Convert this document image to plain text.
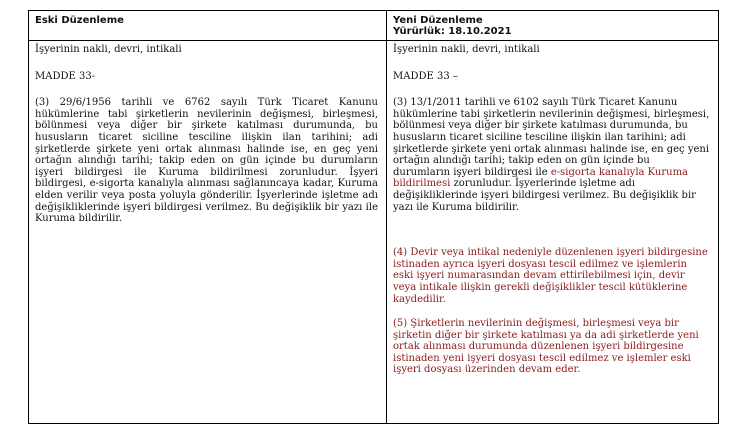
Eski Düzenleme

İşyerinin nakli, devri, intikali

MADDE 33-

(3) 29/6/1956 tarihli ve 6762 sayılı Türk Ticaret Kanunu hükümlerine tabi şirketlerin nevilerinin değişmesi, birleşmesi, bölünmesi veya diğer bir şirkete katılması durumunda, bu hususların ticaret siciline tesciline ilişkin ilan tarihini; adi şirketlerde şirkete yeni ortak alınması halinde ise, en geç yeni ortağın alındığı tarihi; takip eden on gün içinde bu durumların işyeri bildirgesi ile Kuruma bildirilmesi zorunludur. İşyeri bildirgesi, e-sigorta kanalıyla alınması sağlanıncaya kadar, Kuruma elden verilir veya posta yoluyla gönderilir. İşyerlerinde işletme adı değişikliklerinde işyeri bildirgesi verilmez. Bu değişiklik bir yazı ile Kuruma bildirilir.

Yeni Düzenleme
Yürürlük: 18.10.2021

İşyerinin nakli, devri, intikali

MADDE 33 –

(3) 13/1/2011 tarihli ve 6102 sayılı Türk Ticaret Kanunu hükümlerine tabi şirketlerin nevilerinin değişmesi, birleşmesi, bölünmesi veya diğer bir şirkete katılması durumunda, bu hususların ticaret siciline tesciline ilişkin ilan tarihini; adi şirketlerde şirkete yeni ortak alınması halinde ise, en geç yeni ortağın alındığı tarihi; takip eden on gün içinde bu durumların işyeri bildirgesi ile e-sigorta kanalıyla Kuruma bildirilmesi zorunludur. İşyerlerinde işletme adı değişikliklerinde işyeri bildirgesi verilmez. Bu değişiklik bir yazı ile Kuruma bildirilir.

(4) Devir veya intikal nedeniyle düzenlenen işyeri bildirgesine istinaden ayrıca işyeri dosyası tescil edilmez ve işlemlerin eski işyeri numarasından devam ettirilebilmesi için, devir veya intikale ilişkin gerekli değişiklikler tescil kütüklerine kaydedilir.

(5) Şirketlerin nevilerinin değişmesi, birleşmesi veya bir şirketin diğer bir şirkete katılması ya da adi şirketlerde yeni ortak alınması durumunda düzenlenen işyeri bildirgesine istinaden yeni işyeri dosyası tescil edilmez ve işlemler eski işyeri dosyası üzerinden devam eder.
